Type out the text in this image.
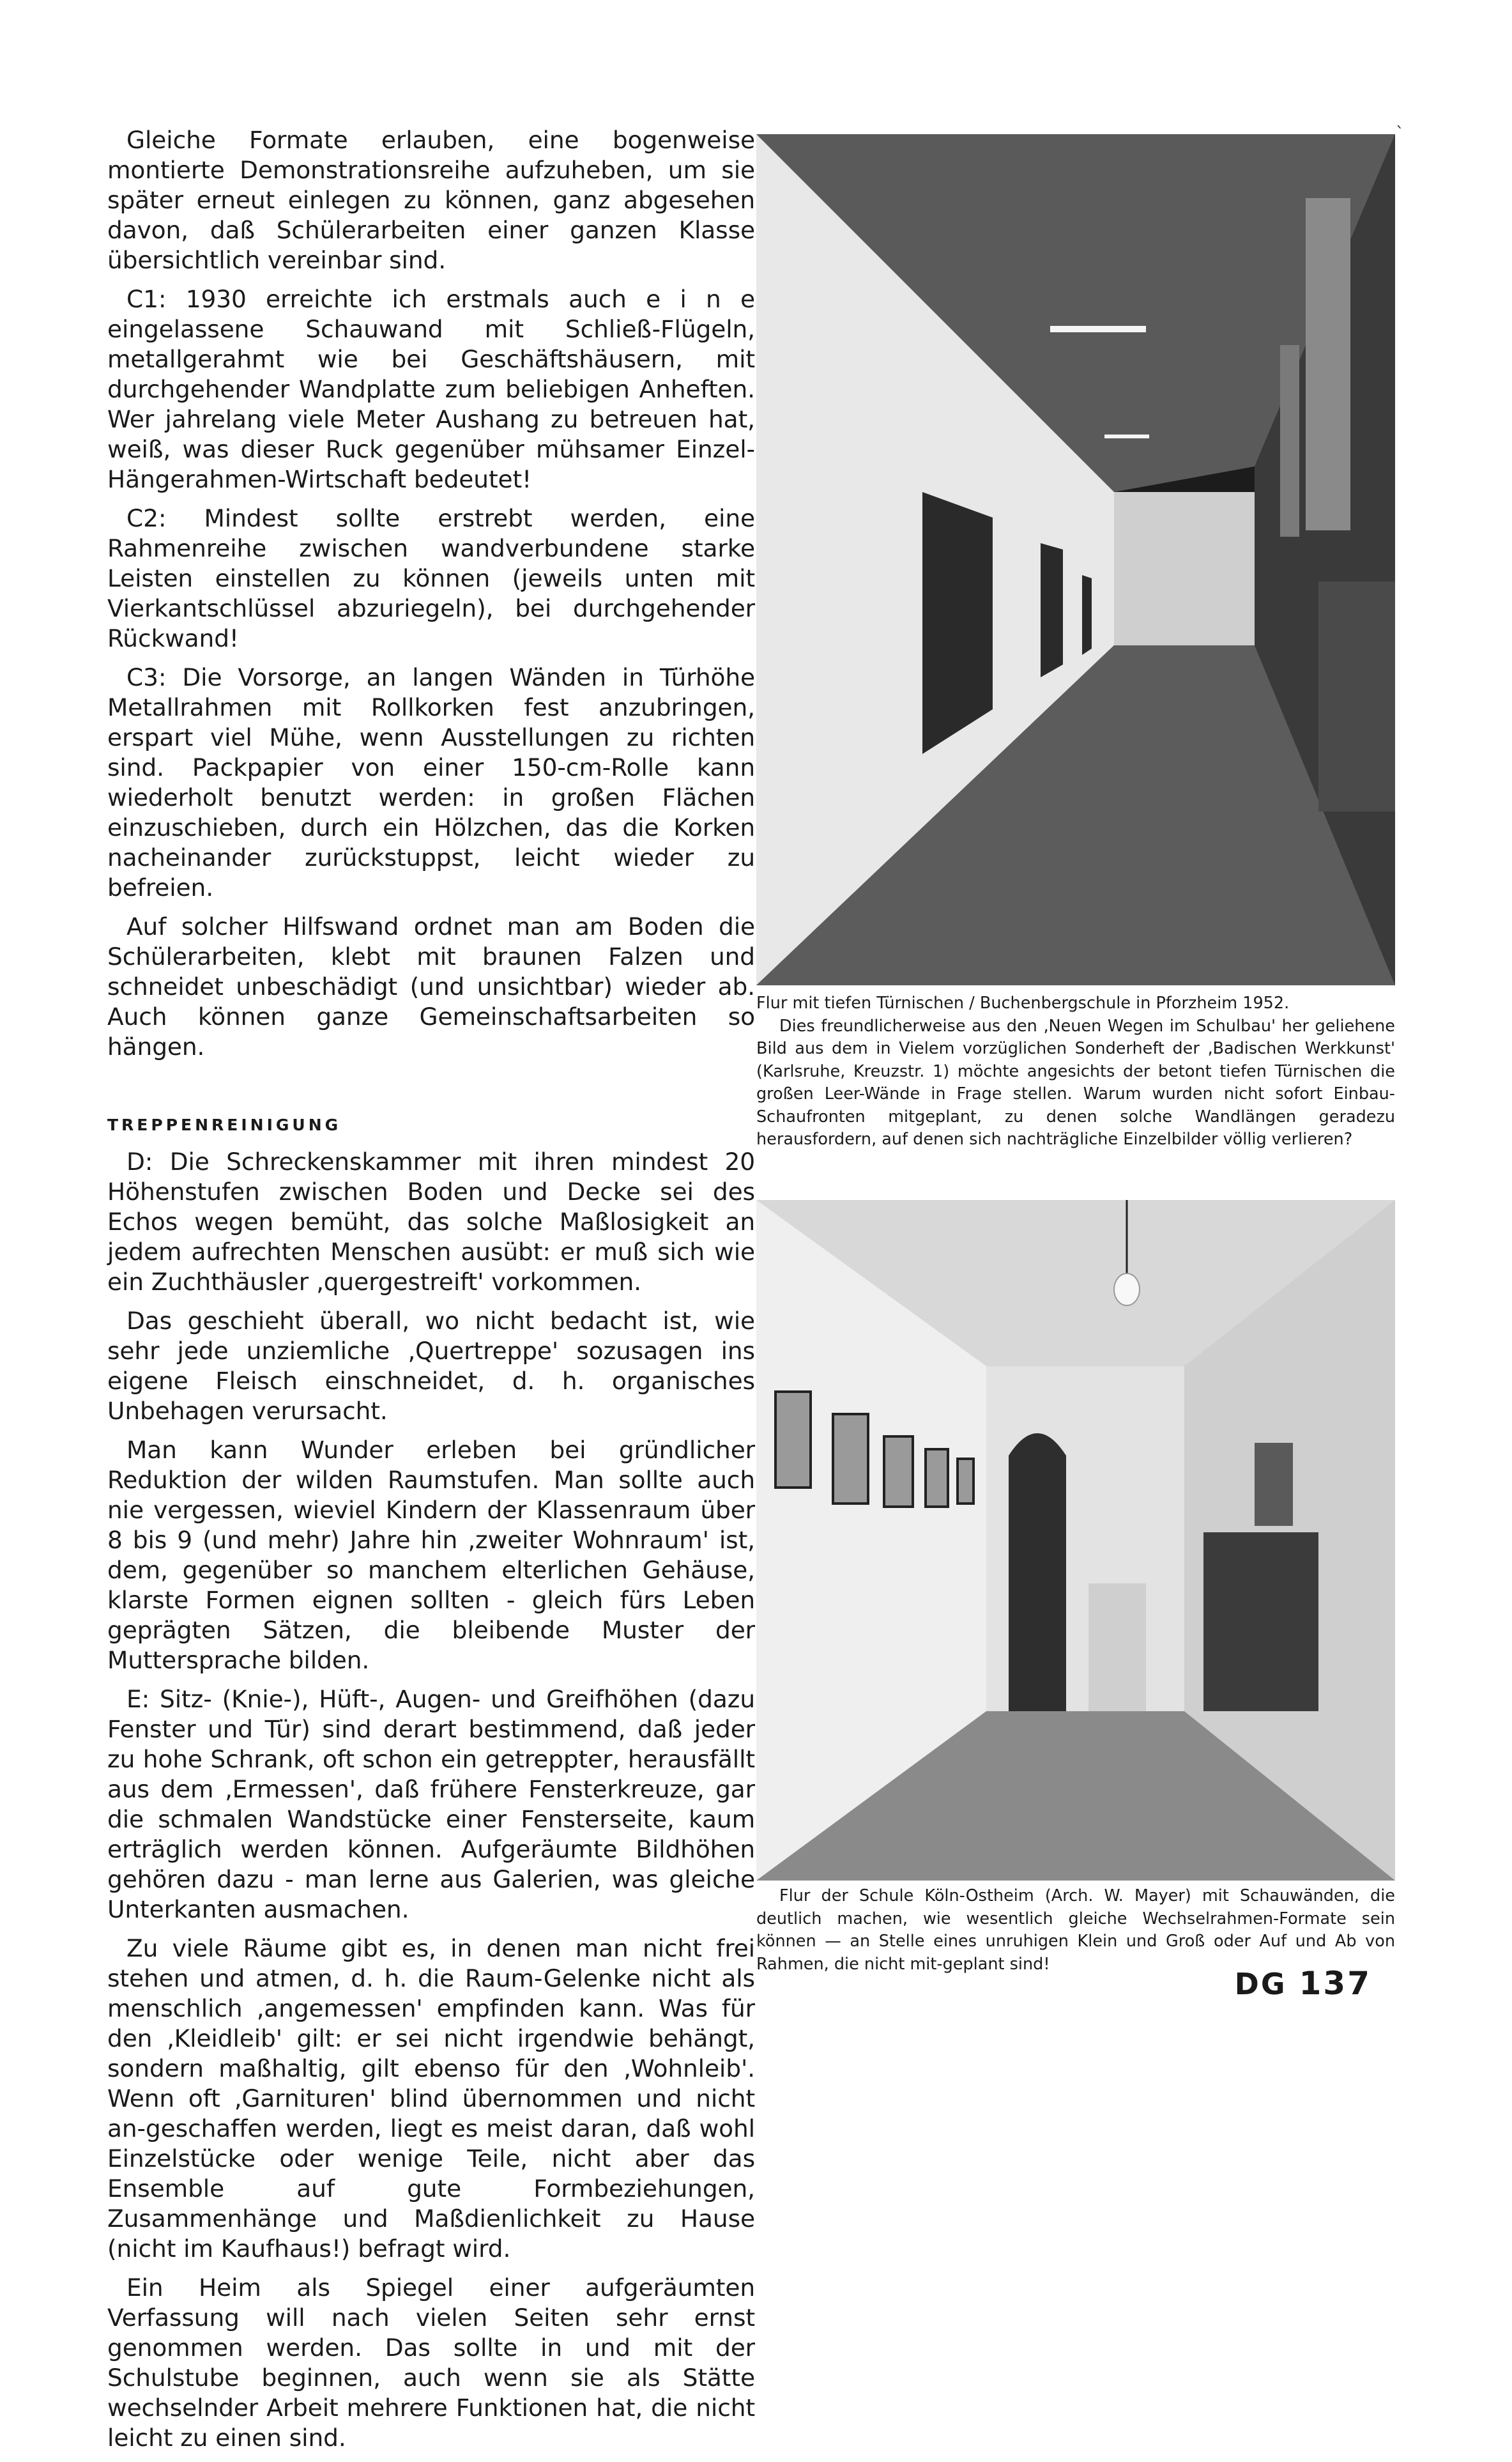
ˎ

Gleiche Formate erlauben, eine bogenweise montierte Demonstrationsreihe aufzuheben, um sie später erneut einlegen zu können, ganz abgesehen davon, daß Schülerarbeiten einer ganzen Klasse übersichtlich vereinbar sind.

C1: 1930 erreichte ich erstmals auch e i n e eingelassene Schauwand mit Schließ-Flügeln, metallgerahmt wie bei Geschäftshäusern, mit durchgehender Wandplatte zum beliebigen Anheften. Wer jahrelang viele Meter Aushang zu betreuen hat, weiß, was dieser Ruck gegenüber mühsamer Einzel-Hängerahmen-Wirtschaft bedeutet!

C2: Mindest sollte erstrebt werden, eine Rahmenreihe zwischen wandverbundene starke Leisten einstellen zu können (jeweils unten mit Vierkantschlüssel abzuriegeln), bei durchgehender Rückwand!

C3: Die Vorsorge, an langen Wänden in Türhöhe Metallrahmen mit Rollkorken fest anzubringen, erspart viel Mühe, wenn Ausstellungen zu richten sind. Packpapier von einer 150-cm-Rolle kann wiederholt benutzt werden: in großen Flächen einzuschieben, durch ein Hölzchen, das die Korken nacheinander zurückstuppst, leicht wieder zu befreien.

Auf solcher Hilfswand ordnet man am Boden die Schülerarbeiten, klebt mit braunen Falzen und schneidet unbeschädigt (und unsichtbar) wieder ab. Auch können ganze Gemeinschaftsarbeiten so hängen.

TREPPENREINIGUNG

D: Die Schreckenskammer mit ihren mindest 20 Höhenstufen zwischen Boden und Decke sei des Echos wegen bemüht, das solche Maßlosigkeit an jedem aufrechten Menschen ausübt: er muß sich wie ein Zuchthäusler ‚quergestreift' vorkommen.

Das geschieht überall, wo nicht bedacht ist, wie sehr jede unziemliche ‚Quertreppe' sozusagen ins eigene Fleisch einschneidet, d. h. organisches Unbehagen verursacht.

Man kann Wunder erleben bei gründlicher Reduktion der wilden Raumstufen. Man sollte auch nie vergessen, wieviel Kindern der Klassenraum über 8 bis 9 (und mehr) Jahre hin ‚zweiter Wohnraum' ist, dem, gegenüber so manchem elterlichen Gehäuse, klarste Formen eignen sollten - gleich fürs Leben geprägten Sätzen, die bleibende Muster der Muttersprache bilden.

E: Sitz- (Knie-), Hüft-, Augen- und Greifhöhen (dazu Fenster und Tür) sind derart bestimmend, daß jeder zu hohe Schrank, oft schon ein getreppter, herausfällt aus dem ‚Ermessen', daß frühere Fensterkreuze, gar die schmalen Wandstücke einer Fensterseite, kaum erträglich werden können. Aufgeräumte Bildhöhen gehören dazu - man lerne aus Galerien, was gleiche Unterkanten ausmachen.

Zu viele Räume gibt es, in denen man nicht frei stehen und atmen, d. h. die Raum-Gelenke nicht als menschlich ‚angemessen' empfinden kann. Was für den ‚Kleidleib' gilt: er sei nicht irgendwie behängt, sondern maßhaltig, gilt ebenso für den ‚Wohnleib'. Wenn oft ‚Garnituren' blind übernommen und nicht an-geschaffen werden, liegt es meist daran, daß wohl Einzelstücke oder wenige Teile, nicht aber das Ensemble auf gute Formbeziehungen, Zusammenhänge und Maßdienlichkeit zu Hause (nicht im Kaufhaus!) befragt wird.

Ein Heim als Spiegel einer aufgeräumten Verfassung will nach vielen Seiten sehr ernst genommen werden. Das sollte in und mit der Schulstube beginnen, auch wenn sie als Stätte wechselnder Arbeit mehrere Funktionen hat, die nicht leicht zu einen sind.

Flur mit tiefen Türnischen / Buchenbergschule in Pforzheim 1952.
Dies freundlicherweise aus den ‚Neuen Wegen im Schulbau' her geliehene Bild aus dem in Vielem vorzüglichen Sonderheft der ‚Badischen Werkkunst' (Karlsruhe, Kreuzstr. 1) möchte angesichts der betont tiefen Türnischen die großen Leer-Wände in Frage stellen. Warum wurden nicht sofort Einbau-Schaufronten mitgeplant, zu denen solche Wandlängen geradezu herausfordern, auf denen sich nachträgliche Einzelbilder völlig verlieren?
Flur der Schule Köln-Ostheim (Arch. W. Mayer) mit Schauwänden, die deutlich machen, wie wesentlich gleiche Wechselrahmen-Formate sein können — an Stelle eines unruhigen Klein und Groß oder Auf und Ab von Rahmen, die nicht mit-geplant sind!
DG 137
